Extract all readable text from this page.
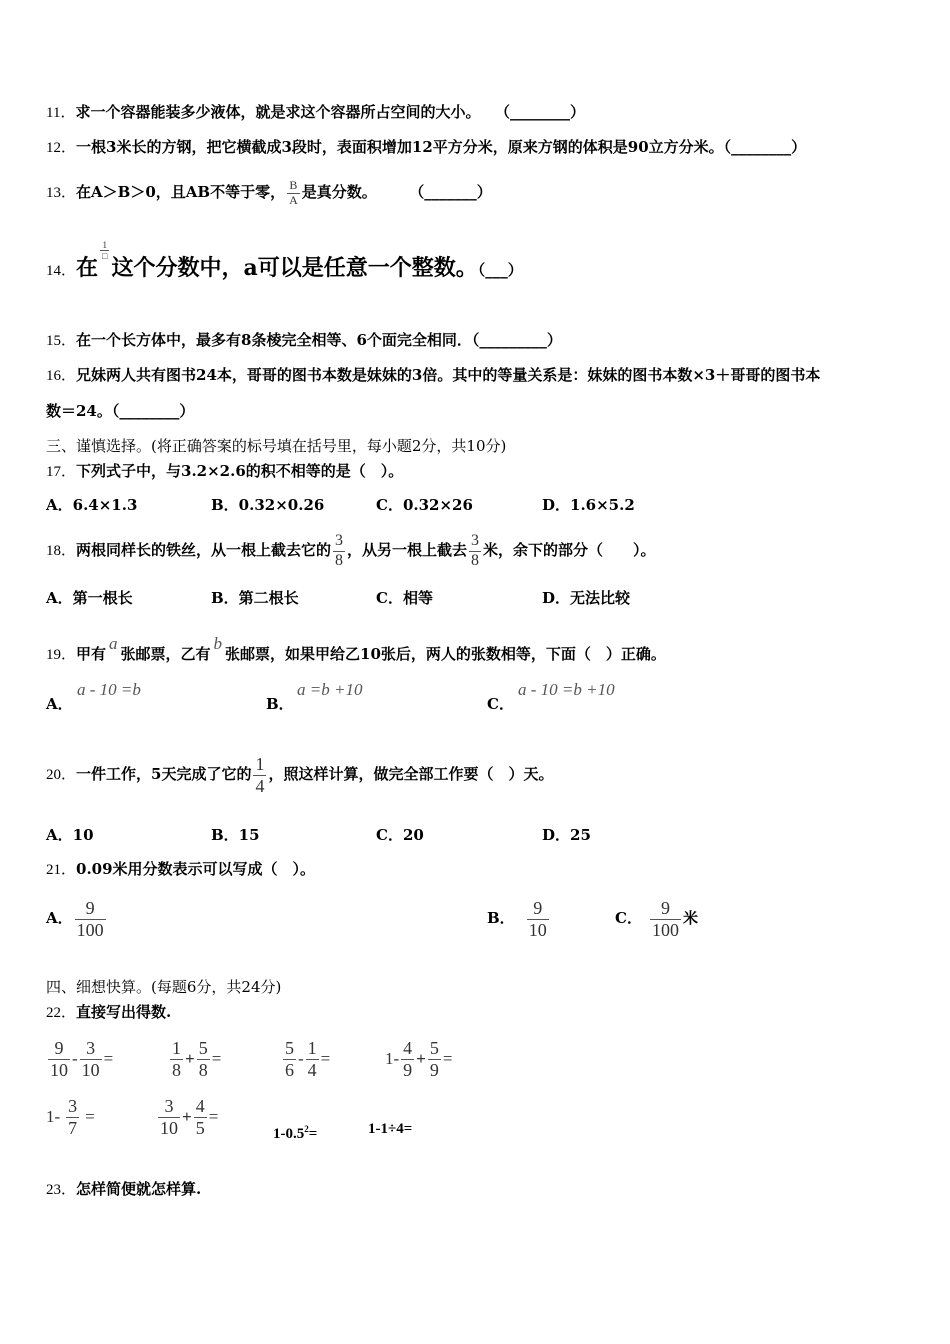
11．求一个容器能装多少液体，就是求这个容器所占空间的大小。 （________）
12．一根3米长的方钢，把它横截成3段时，表面积增加12平方分米，原来方钢的体积是90立方分米。（________）
13．在A＞B＞0，且AB不等于零， $\frac{B}{A}$ 是真分数。	（_______）
14．在
$\frac{1}{□}$
这个分数中，a可以是任意一个整数。（___）
15．在一个长方体中，最多有8条棱完全相等、6个面完全相同．（_________）
16．兄妹两人共有图书24本，哥哥的图书本数是妹妹的3倍。其中的等量关系是：妹妹的图书本数×3＋哥哥的图书本
数＝24。（________）
三、谨慎选择。(将正确答案的标号填在括号里，每小题2分，共10分)
17．下列式子中，与3.2×2.6的积不相等的是（　）。
A．6.4×1.3	B．0.32×0.26	C．0.32×26	D．1.6×5.2
18．两根同样长的铁丝，从一根上截去它的 $\frac{3}{8}$ ，从另一根上截去 $\frac{3}{8}$ 米，余下的部分（　　）。
A．第一根长	B．第二根长	C．相等	D．无法比较
19．甲有a张邮票，乙有b张邮票，如果甲给乙10张后，两人的张数相等，下面（　）正确。
A．
a - 10 =b
B．
a =b +10
C．
a - 10 =b +10
20．一件工作，5天完成了它的 $\frac{1}{4}$ ，照这样计算，做完全部工作要（　）天。
A．10	B．15	C．20	D．25
21．0.09米用分数表示可以写成（　）。
A． $\frac{9}{100}$	B． $\frac{9}{10}$	C． $\frac{9}{100}$ 米
四、细想快算。(每题6分，共24分)
22．直接写出得数.
$\frac{9}{10} - \frac{3}{10}$ =	$\frac{1}{8} + \frac{5}{8}$ =	$\frac{5}{6} - \frac{1}{4}$ =	$1- \frac{4}{9} + \frac{5}{9}$ =
$1- \frac{3}{7}$ =	$\frac{3}{10} + \frac{4}{5}$ =
$1-0.5^2=$	1-1÷4=
23．怎样简便就怎样算.
